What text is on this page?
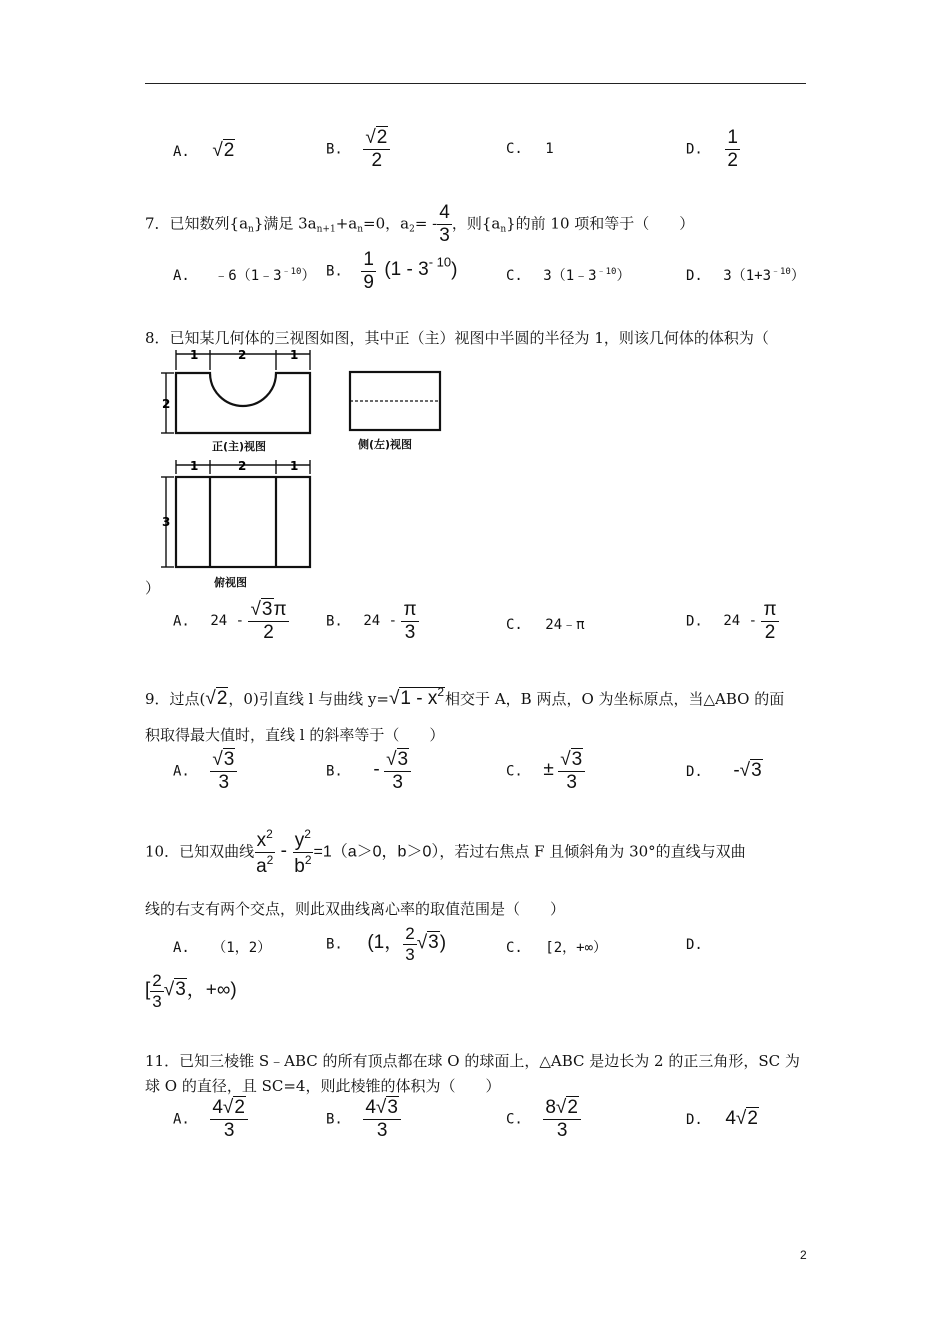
A. √2	B. $\frac{√2}{2}$	C. 1	D. $\frac{1}{2}$
7．已知数列$\{a_n\}$满足 $3a_{n+1}+a_n=0$，$a_2= - \frac{4}{3}$ ，则$\{a_n\}$的前 10 项和等于（　　）
A. $﹣6(1﹣3^{﹣10})$ B. $\frac{1}{9} (1 - 3-$ 10)	C. $3(1﹣3^{﹣10})$	D. $3(1+3^{﹣10})$
8．已知某几何体的三视图如图，其中正（主）视图中半圆的半径为 1，则该几何体的体积为（
1	2	1
2
正(主)视图	侧(左)视图
1	2	1
3
俯视图
）
A. $24 - \frac{√3\pi}{2}$	B. $24 - \frac{\pi}{3}$	C. 24﹣π	D. $24 - \frac{\pi}{2}$
9．过点(√2，0)引直线 l 与曲线 $y=√1 - x^2$相交于 A，B 两点，O 为坐标原点，当△ABO 的面
积取得最大值时，直线 l 的斜率等于（　　）
A. $\frac{√3}{3}$	B. - $\frac{√3}{3}$	C. ± $\frac{√3}{3}$	D. -√3
10．已知双曲线 $\frac{x^2}{a^2} - \frac{y^2}{b^2} =1(a>0$，b＞0），若过右焦点 F 且倾斜角为 30°的直线与双曲
线的右支有两个交点，则此双曲线离心率的取值范围是（　　）
A. （1，2）	B. (1， $\frac{2}{3} √3$)	C. [2，+∞）	D.
[ $\frac{2}{3} √3$，+∞)
11．已知三棱锥 S﹣ABC 的所有顶点都在球 O 的球面上，△ABC 是边长为 2 的正三角形，SC 为
球 O 的直径，且 SC=4，则此棱锥的体积为（　　）
A. $\frac{4√2}{3}$	B. $\frac{4√3}{3}$	C. $\frac{8√2}{3}$	D. 4√2
2
